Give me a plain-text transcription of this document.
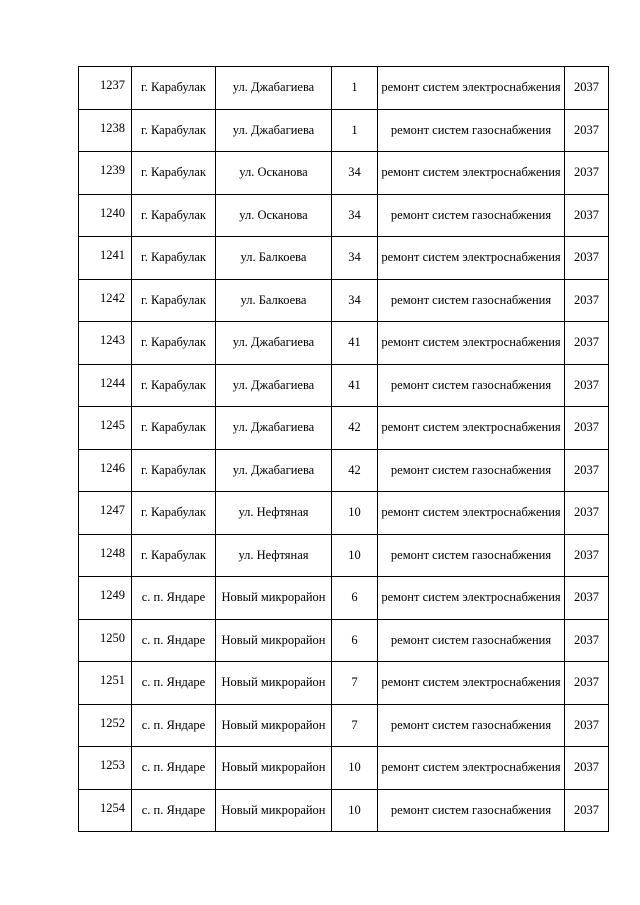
1237	г. Карабулак	ул. Джабагиева	1	ремонт систем электроснабжения	2037
1238	г. Карабулак	ул. Джабагиева	1	ремонт систем газоснабжения	2037
1239	г. Карабулак	ул. Осканова	34	ремонт систем электроснабжения	2037
1240	г. Карабулак	ул. Осканова	34	ремонт систем газоснабжения	2037
1241	г. Карабулак	ул. Балкоева	34	ремонт систем электроснабжения	2037
1242	г. Карабулак	ул. Балкоева	34	ремонт систем газоснабжения	2037
1243	г. Карабулак	ул. Джабагиева	41	ремонт систем электроснабжения	2037
1244	г. Карабулак	ул. Джабагиева	41	ремонт систем газоснабжения	2037
1245	г. Карабулак	ул. Джабагиева	42	ремонт систем электроснабжения	2037
1246	г. Карабулак	ул. Джабагиева	42	ремонт систем газоснабжения	2037
1247	г. Карабулак	ул. Нефтяная	10	ремонт систем электроснабжения	2037
1248	г. Карабулак	ул. Нефтяная	10	ремонт систем газоснабжения	2037
1249	с. п. Яндаре	Новый микрорайон	6	ремонт систем электроснабжения	2037
1250	с. п. Яндаре	Новый микрорайон	6	ремонт систем газоснабжения	2037
1251	с. п. Яндаре	Новый микрорайон	7	ремонт систем электроснабжения	2037
1252	с. п. Яндаре	Новый микрорайон	7	ремонт систем газоснабжения	2037
1253	с. п. Яндаре	Новый микрорайон	10	ремонт систем электроснабжения	2037
1254	с. п. Яндаре	Новый микрорайон	10	ремонт систем газоснабжения	2037
